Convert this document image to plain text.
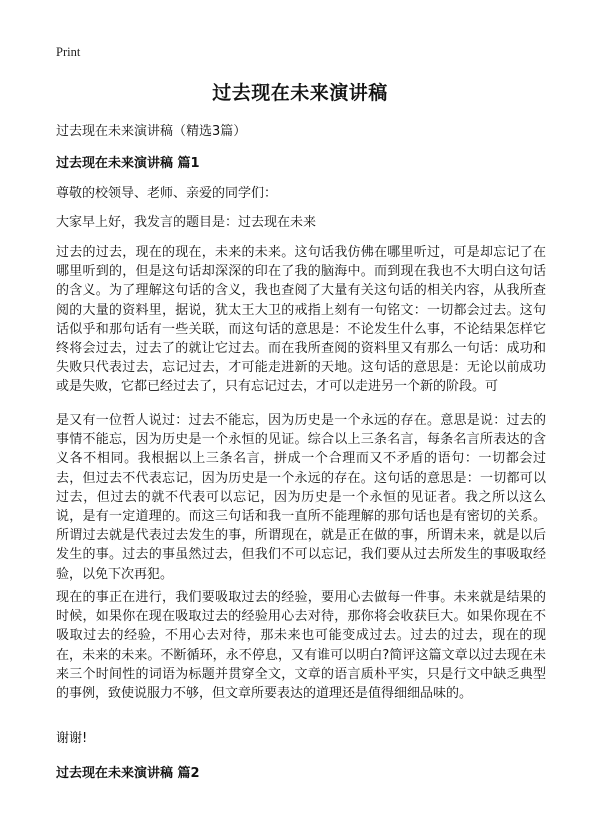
Print
过去现在未来演讲稿

过去现在未来演讲稿（精选3篇）

过去现在未来演讲稿 篇1

尊敬的校领导、老师、亲爱的同学们：

大家早上好，我发言的题目是：过去现在未来

过去的过去，现在的现在，未来的未来。这句话我仿佛在哪里听过，可是却忘记了在哪里听到的，但是这句话却深深的印在了我的脑海中。而到现在我也不大明白这句话的含义。为了理解这句话的含义，我也查阅了大量有关这句话的相关内容，从我所查阅的大量的资料里，据说，犹太王大卫的戒指上刻有一句铭文：一切都会过去。这句话似乎和那句话有一些关联，而这句话的意思是：不论发生什么事，不论结果怎样它终将会过去，过去了的就让它过去。而在我所查阅的资料里又有那么一句话：成功和失败只代表过去，忘记过去，才可能走进新的天地。这句话的意思是：无论以前成功或是失败，它都已经过去了，只有忘记过去，才可以走进另一个新的阶段。可

是又有一位哲人说过：过去不能忘，因为历史是一个永远的存在。意思是说：过去的事情不能忘，因为历史是一个永恒的见证。综合以上三条名言，每条名言所表达的含义各不相同。我根据以上三条名言，拼成一个合理而又不矛盾的语句：一切都会过去，但过去不代表忘记，因为历史是一个永远的存在。这句话的意思是：一切都可以过去，但过去的就不代表可以忘记，因为历史是一个永恒的见证者。我之所以这么说，是有一定道理的。而这三句话和我一直所不能理解的那句话也是有密切的关系。所谓过去就是代表过去发生的事，所谓现在，就是正在做的事，所谓未来，就是以后发生的事。过去的事虽然过去，但我们不可以忘记，我们要从过去所发生的事吸取经验，以免下次再犯。

现在的事正在进行，我们要吸取过去的经验，要用心去做每一件事。未来就是结果的时候，如果你在现在吸取过去的经验用心去对待，那你将会收获巨大。如果你现在不吸取过去的经验，不用心去对待，那未来也可能变成过去。过去的过去，现在的现在，未来的未来。不断循环，永不停息，又有谁可以明白?简评这篇文章以过去现在未来三个时间性的词语为标题并贯穿全文，文章的语言质朴平实，只是行文中缺乏典型的事例，致使说服力不够，但文章所要表达的道理还是值得细细品味的。

谢谢!

过去现在未来演讲稿 篇2
